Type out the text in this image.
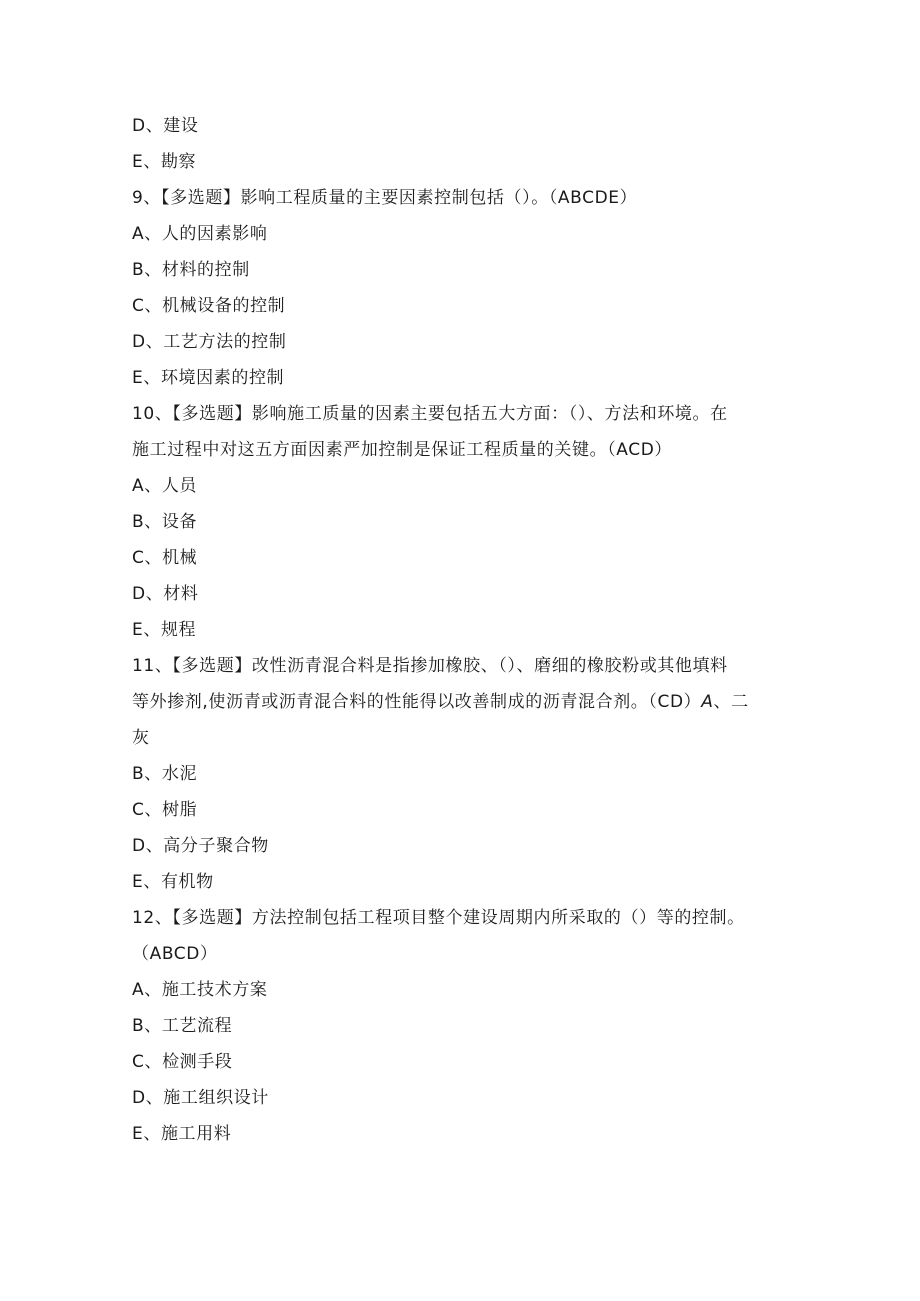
D、建设
E、勘察
9、【多选题】影响工程质量的主要因素控制包括（）。（ABCDE）
A、人的因素影响
B、材料的控制
C、机械设备的控制
D、工艺方法的控制
E、环境因素的控制
10、【多选题】影响施工质量的因素主要包括五大方面：（）、方法和环境。在
施工过程中对这五方面因素严加控制是保证工程质量的关键。（ACD）
A、人员
B、设备
C、机械
D、材料
E、规程
11、【多选题】改性沥青混合料是指掺加橡胶、（）、磨细的橡胶粉或其他填料
等外掺剂,使沥青或沥青混合料的性能得以改善制成的沥青混合剂。（CD）A、二
灰
B、水泥
C、树脂
D、高分子聚合物
E、有机物
12、【多选题】方法控制包括工程项目整个建设周期内所采取的（）等的控制。
（ABCD）
A、施工技术方案
B、工艺流程
C、检测手段
D、施工组织设计
E、施工用料
